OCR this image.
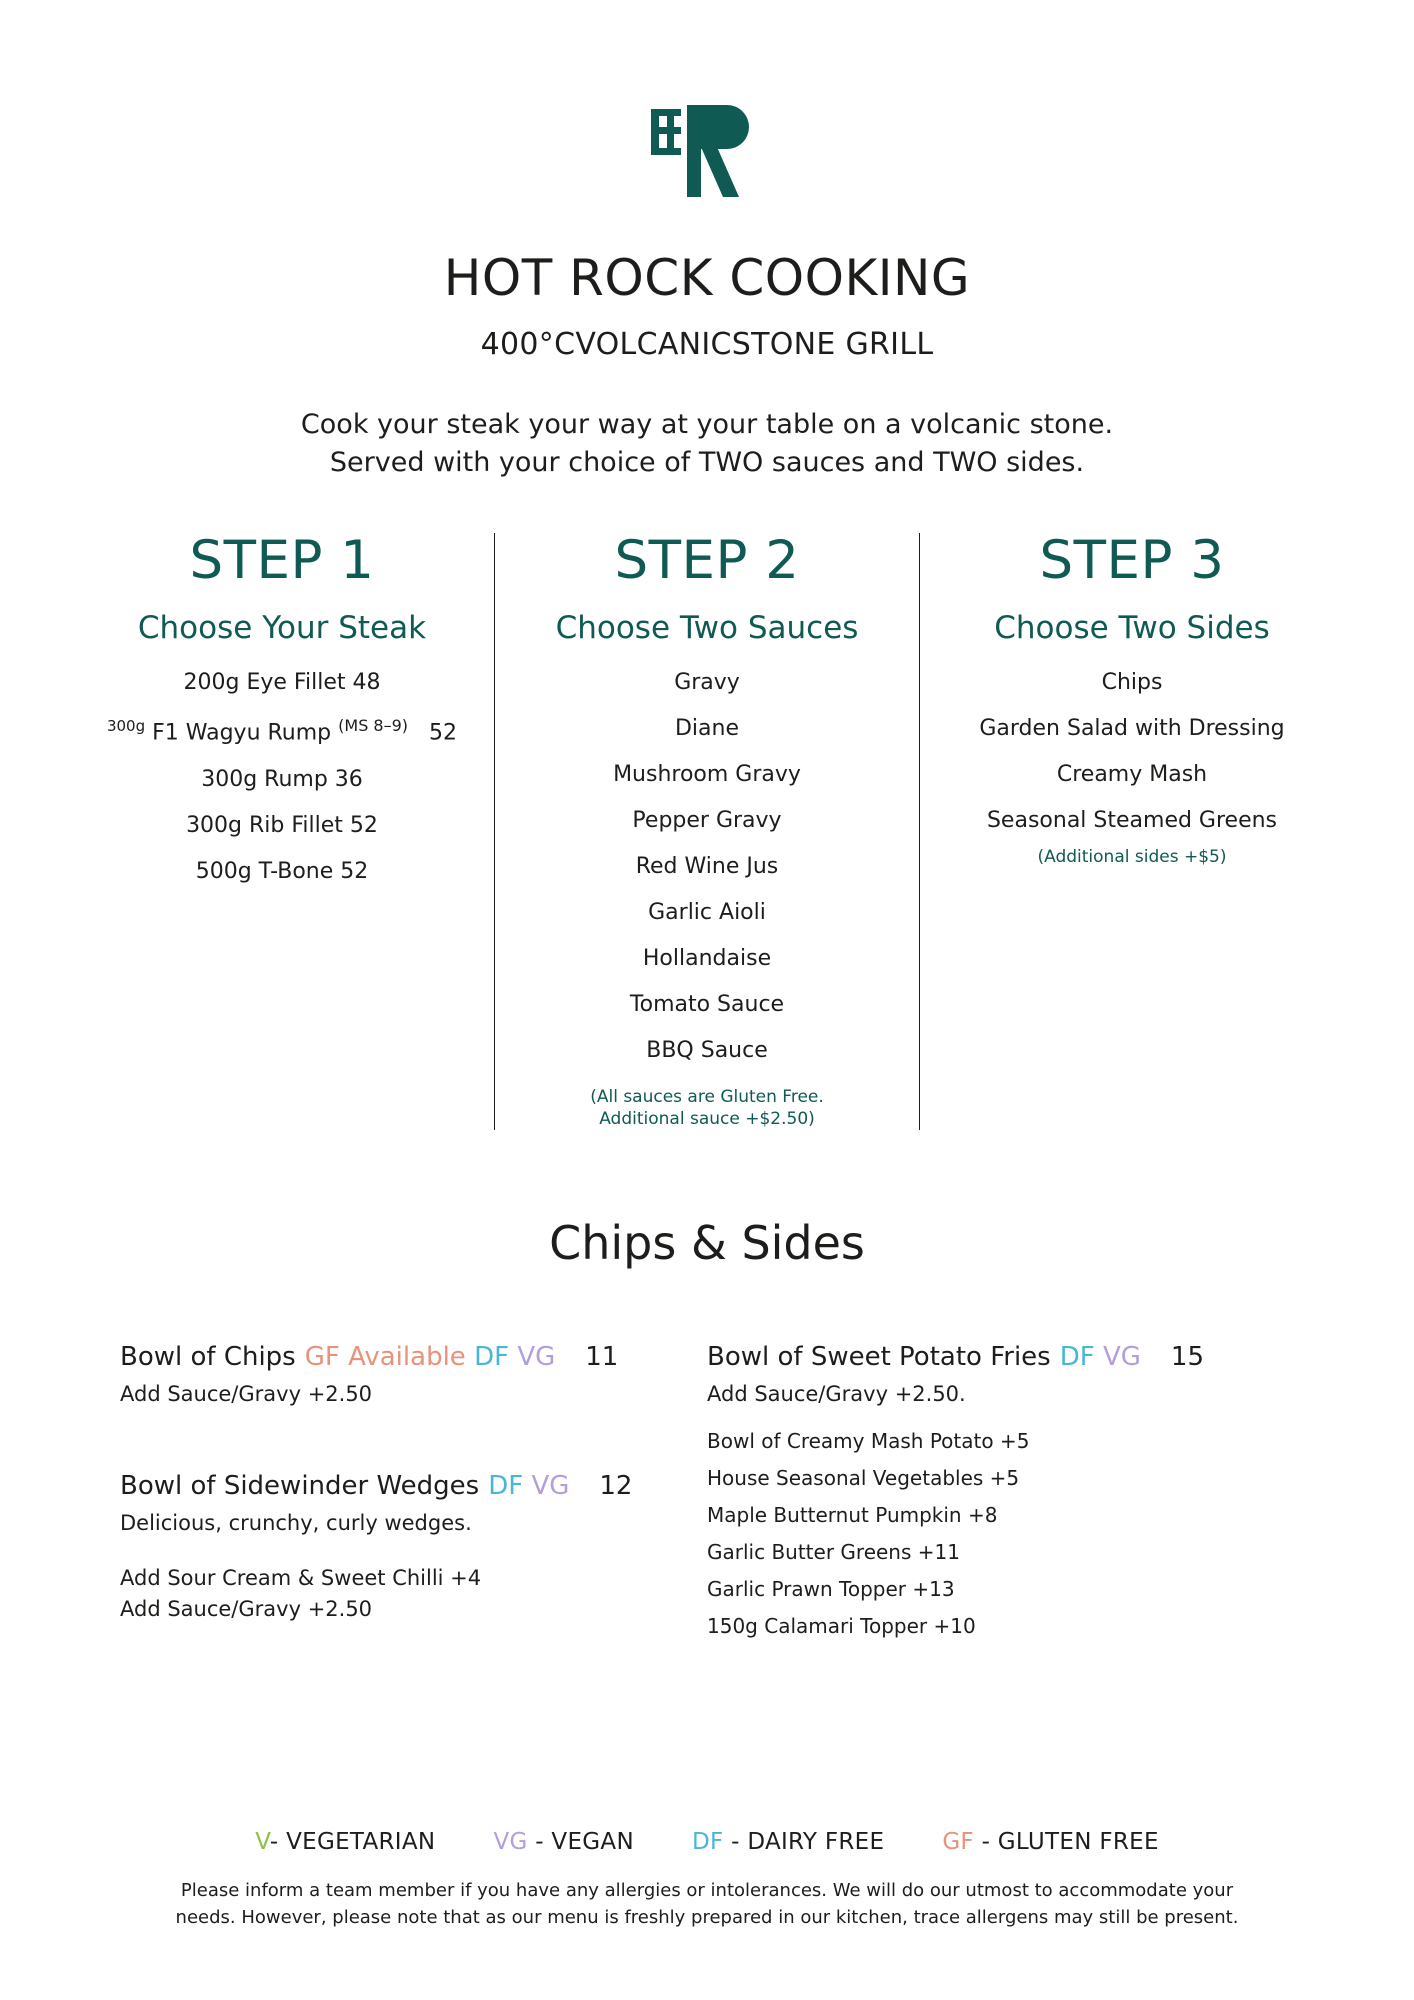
HOT ROCK COOKING
400°CVOLCANICSTONE GRILL
Cook your steak your way at your table on a volcanic stone.
Served with your choice of TWO sauces and TWO sides.
STEP 1
Choose Your Steak
200g Eye Fillet 48
$^{300g}$ F1 Wagyu Rump $^{(MS 8-9)}$ 52
300g Rump 36
300g Rib Fillet 52
500g T-Bone 52
STEP 2
Choose Two Sauces
Gravy
Diane
Mushroom Gravy
Pepper Gravy
Red Wine Jus
Garlic Aioli
Hollandaise
Tomato Sauce
BBQ Sauce
(All sauces are Gluten Free.
Additional sauce +$2.50)
STEP 3
Choose Two Sides
Chips
Garden Salad with Dressing
Creamy Mash
Seasonal Steamed Greens
(Additional sides +$5)
Chips & Sides
Bowl of Chips GF Available DF VG 11
Add Sauce/Gravy +2.50
Bowl of Sidewinder Wedges DF VG 12
Delicious, crunchy, curly wedges.
Add Sour Cream & Sweet Chilli +4
Add Sauce/Gravy +2.50
Bowl of Sweet Potato Fries DF VG 15
Add Sauce/Gravy +2.50.
Bowl of Creamy Mash Potato +5
House Seasonal Vegetables +5
Maple Butternut Pumpkin +8
Garlic Butter Greens +11
Garlic Prawn Topper +13
150g Calamari Topper +10
V- VEGETARIAN	VG - VEGAN	DF - DAIRY FREE	GF - GLUTEN FREE
Please inform a team member if you have any allergies or intolerances. We will do our utmost to accommodate your
needs. However, please note that as our menu is freshly prepared in our kitchen, trace allergens may still be present.
